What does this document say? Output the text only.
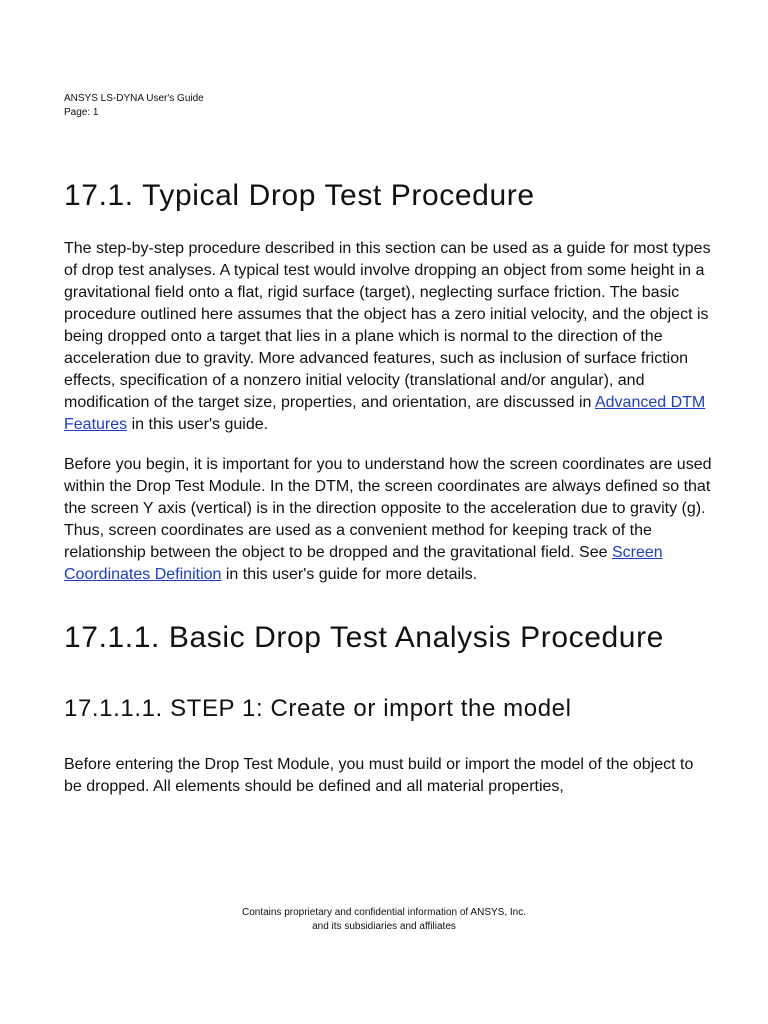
ANSYS LS-DYNA User's Guide
Page: 1
17.1. Typical Drop Test Procedure

The step-by-step procedure described in this section can be used as a guide for most types of drop test analyses. A typical test would involve dropping an object from some height in a gravitational field onto a flat, rigid surface (target), neglecting surface friction. The basic procedure outlined here assumes that the object has a zero initial velocity, and the object is being dropped onto a target that lies in a plane which is normal to the direction of the acceleration due to gravity. More advanced features, such as inclusion of surface friction effects, specification of a nonzero initial velocity (translational and/or angular), and modification of the target size, properties, and orientation, are discussed in Advanced DTM Features in this user's guide.

Before you begin, it is important for you to understand how the screen coordinates are used within the Drop Test Module. In the DTM, the screen coordinates are always defined so that the screen Y axis (vertical) is in the direction opposite to the acceleration due to gravity (g). Thus, screen coordinates are used as a convenient method for keeping track of the relationship between the object to be dropped and the gravitational field. See Screen Coordinates Definition in this user's guide for more details.

17.1.1. Basic Drop Test Analysis Procedure
17.1.1.1. STEP 1: Create or import the model

Before entering the Drop Test Module, you must build or import the model of the object to be dropped. All elements should be defined and all material properties,

Contains proprietary and confidential information of ANSYS, Inc.
and its subsidiaries and affiliates
